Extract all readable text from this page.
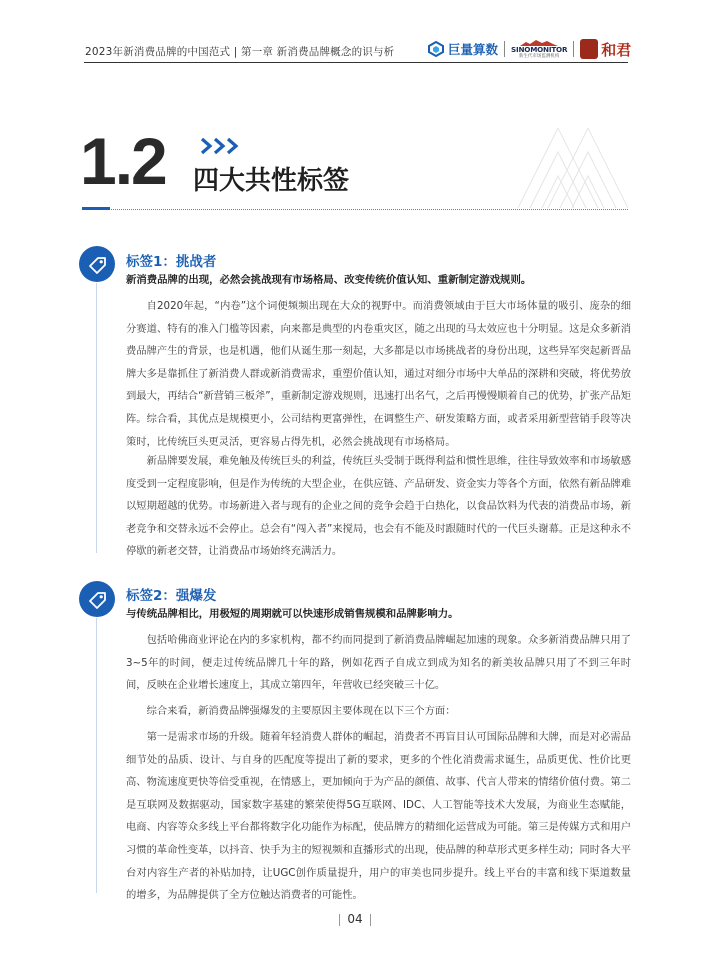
2023年新消费品牌的中国范式 | 第一章 新消费品牌概念的识与析	巨量算数 SINOMONITOR
新生代市场监测机构	和君
1.2 四大共性标签
标签1：挑战者
新消费品牌的出现，必然会挑战现有市场格局、改变传统价值认知、重新制定游戏规则。

自2020年起，“内卷”这个词便频频出现在大众的视野中。而消费领域由于巨大市场体量的吸引、庞杂的细分赛道、特有的准入门槛等因素，向来都是典型的内卷重灾区，随之出现的马太效应也十分明显。这是众多新消费品牌产生的背景，也是机遇，他们从诞生那一刻起，大多都是以市场挑战者的身份出现，这些异军突起新晋品牌大多是靠抓住了新消费人群或新消费需求，重塑价值认知，通过对细分市场中大单品的深耕和突破，将优势放到最大，再结合“新营销三板斧”，重新制定游戏规则，迅速打出名气，之后再慢慢顺着自己的优势，扩张产品矩阵。综合看，其优点是规模更小，公司结构更富弹性，在调整生产、研发策略方面，或者采用新型营销手段等决策时，比传统巨头更灵活，更容易占得先机，必然会挑战现有市场格局。

新品牌要发展，难免触及传统巨头的利益，传统巨头受制于既得利益和惯性思维，往往导致效率和市场敏感度受到一定程度影响，但是作为传统的大型企业，在供应链、产品研发、资金实力等各个方面，依然有新品牌难以短期超越的优势。市场新进入者与现有的企业之间的竞争会趋于白热化，以食品饮料为代表的消费品市场，新老竞争和交替永远不会停止。总会有“闯入者”来搅局，也会有不能及时跟随时代的一代巨头谢幕。正是这种永不停歇的新老交替，让消费品市场始终充满活力。

标签2：强爆发
与传统品牌相比，用极短的周期就可以快速形成销售规模和品牌影响力。

包括哈佛商业评论在内的多家机构，都不约而同提到了新消费品牌崛起加速的现象。众多新消费品牌只用了3~5年的时间，便走过传统品牌几十年的路，例如花西子自成立到成为知名的新美妆品牌只用了不到三年时间，反映在企业增长速度上，其成立第四年，年营收已经突破三十亿。

综合来看，新消费品牌强爆发的主要原因主要体现在以下三个方面：

第一是需求市场的升级。随着年轻消费人群体的崛起，消费者不再盲目认可国际品牌和大牌，而是对必需品细节处的品质、设计、与自身的匹配度等提出了新的要求，更多的个性化消费需求诞生，品质更优、性价比更高、物流速度更快等倍受重视，在情感上，更加倾向于为产品的颜值、故事、代言人带来的情绪价值付费。第二是互联网及数据驱动，国家数字基建的繁荣使得5G互联网、IDC、人工智能等技术大发展，为商业生态赋能，电商、内容等众多线上平台都将数字化功能作为标配，使品牌方的精细化运营成为可能。第三是传媒方式和用户习惯的革命性变革，以抖音、快手为主的短视频和直播形式的出现，使品牌的种草形式更多样生动；同时各大平台对内容生产者的补贴加持，让UGC创作质量提升，用户的审美也同步提升。线上平台的丰富和线下渠道数量的增多，为品牌提供了全方位触达消费者的可能性。

04
